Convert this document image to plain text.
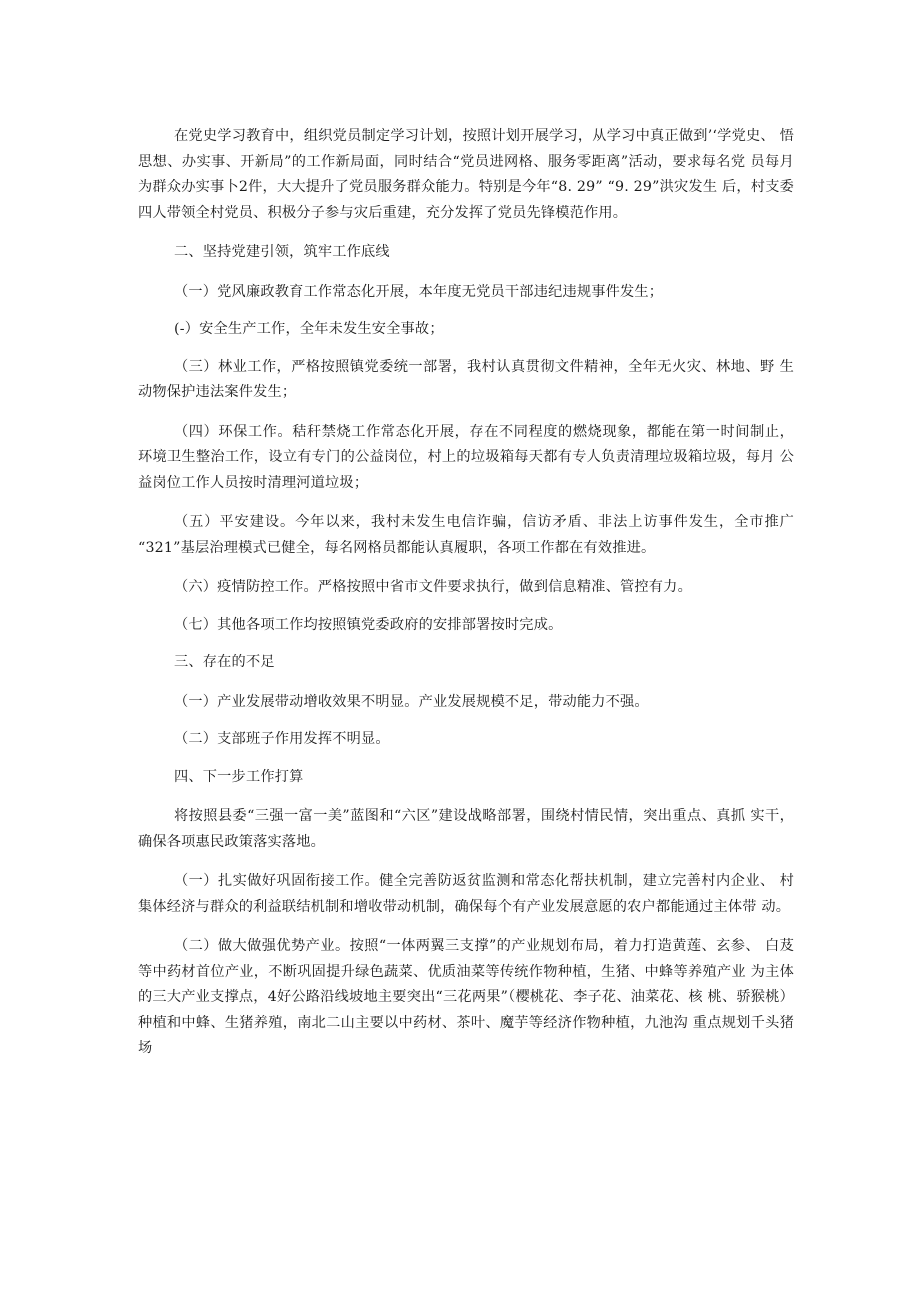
在党史学习教育中，组织党员制定学习计划，按照计划开展学习，从学习中真正做到’‘学党史、 悟思想、办实事、开新局”的工作新局面，同时结合“党员进网格、服务零距离”活动，要求每名党 员每月为群众办实事卜2件，大大提升了党员服务群众能力。特别是今年“8. 29” “9. 29”洪灾发生 后，村支委四人带领全村党员、积极分子参与灾后重建，充分发挥了党员先锋模范作用。

二、坚持党建引领，筑牢工作底线

（一）党风廉政教育工作常态化开展，本年度无党员干部违纪违规事件发生；

(-）安全生产工作，全年未发生安全事故；

（三）林业工作，严格按照镇党委统一部署，我村认真贯彻文件精神，全年无火灾、林地、野 生动物保护违法案件发生；

（四）环保工作。秸秆禁烧工作常态化开展，存在不同程度的燃烧现象，都能在第一时间制止， 环境卫生整治工作，设立有专门的公益岗位，村上的垃圾箱每天都有专人负责清理垃圾箱垃圾，每月 公益岗位工作人员按时清理河道垃圾；

（五）平安建设。今年以来，我村未发生电信诈骗，信访矛盾、非法上访事件发生，全市推广 “321”基层治理模式已健全，每名网格员都能认真履职，各项工作都在有效推进。

（六）疫情防控工作。严格按照中省市文件要求执行，做到信息精准、管控有力。

（七）其他各项工作均按照镇党委政府的安排部署按时完成。

三、存在的不足

（一）产业发展带动增收效果不明显。产业发展规模不足，带动能力不强。

（二）支部班子作用发挥不明显。

四、下一步工作打算

将按照县委“三强一富一美”蓝图和“六区”建设战略部署，围绕村情民情，突出重点、真抓 实干，确保各项惠民政策落实落地。

（一）扎实做好巩固衔接工作。健全完善防返贫监测和常态化帮扶机制，建立完善村内企业、 村集体经济与群众的利益联结机制和增收带动机制，确保每个有产业发展意愿的农户都能通过主体带 动。

（二）做大做强优势产业。按照“一体两翼三支撑”的产业规划布局，着力打造黄莲、玄参、 白芨等中药材首位产业，不断巩固提升绿色蔬菜、优质油菜等传统作物种植，生猪、中蜂等养殖产业 为主体的三大产业支撑点，4好公路沿线坡地主要突出“三花两果”（樱桃花、李子花、油菜花、核 桃、骄猴桃）种植和中蜂、生猪养殖，南北二山主要以中药材、茶叶、魔芋等经济作物种植，九池沟 重点规划千头猪场
